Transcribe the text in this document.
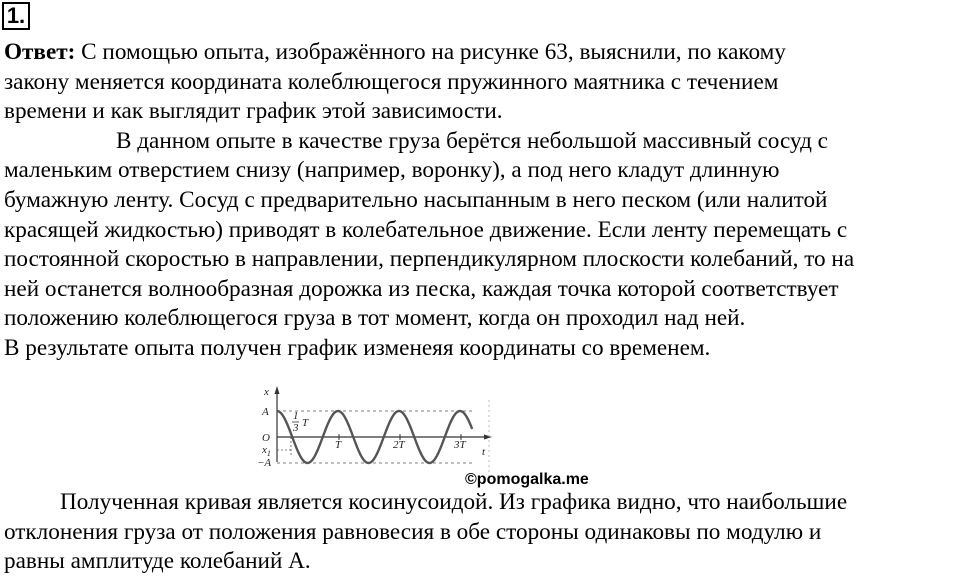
1.

Ответ: С помощью опыта, изображённого на рисунке 63, выяснили, по какому

закону меняется координата колеблющегося пружинного маятника с течением

времени и как выглядит график этой зависимости.

В данном опыте в качестве груза берётся небольшой массивный сосуд с

маленьким отверстием снизу (например, воронку), а под него кладут длинную

бумажную ленту. Сосуд с предварительно насыпанным в него песком (или налитой

красящей жидкостью) приводят в колебательное движение. Если ленту перемещать с

постоянной скоростью в направлении, перпендикулярном плоскости колебаний, то на

ней останется волнообразная дорожка из песка, каждая точка которой соответствует

положению колеблющегося груза в тот момент, когда он проходил над ней.

В результате опыта получен график изменеяя координаты со временем.

x
A
O
$x_1$
−A
1
3 T
T	2T	3T
t
©pomogalka.me

Полученная кривая является косинусоидой. Из графика видно, что наибольшие

отклонения груза от положения равновесия в обе стороны одинаковы по модулю и

равны амплитуде колебаний А.
